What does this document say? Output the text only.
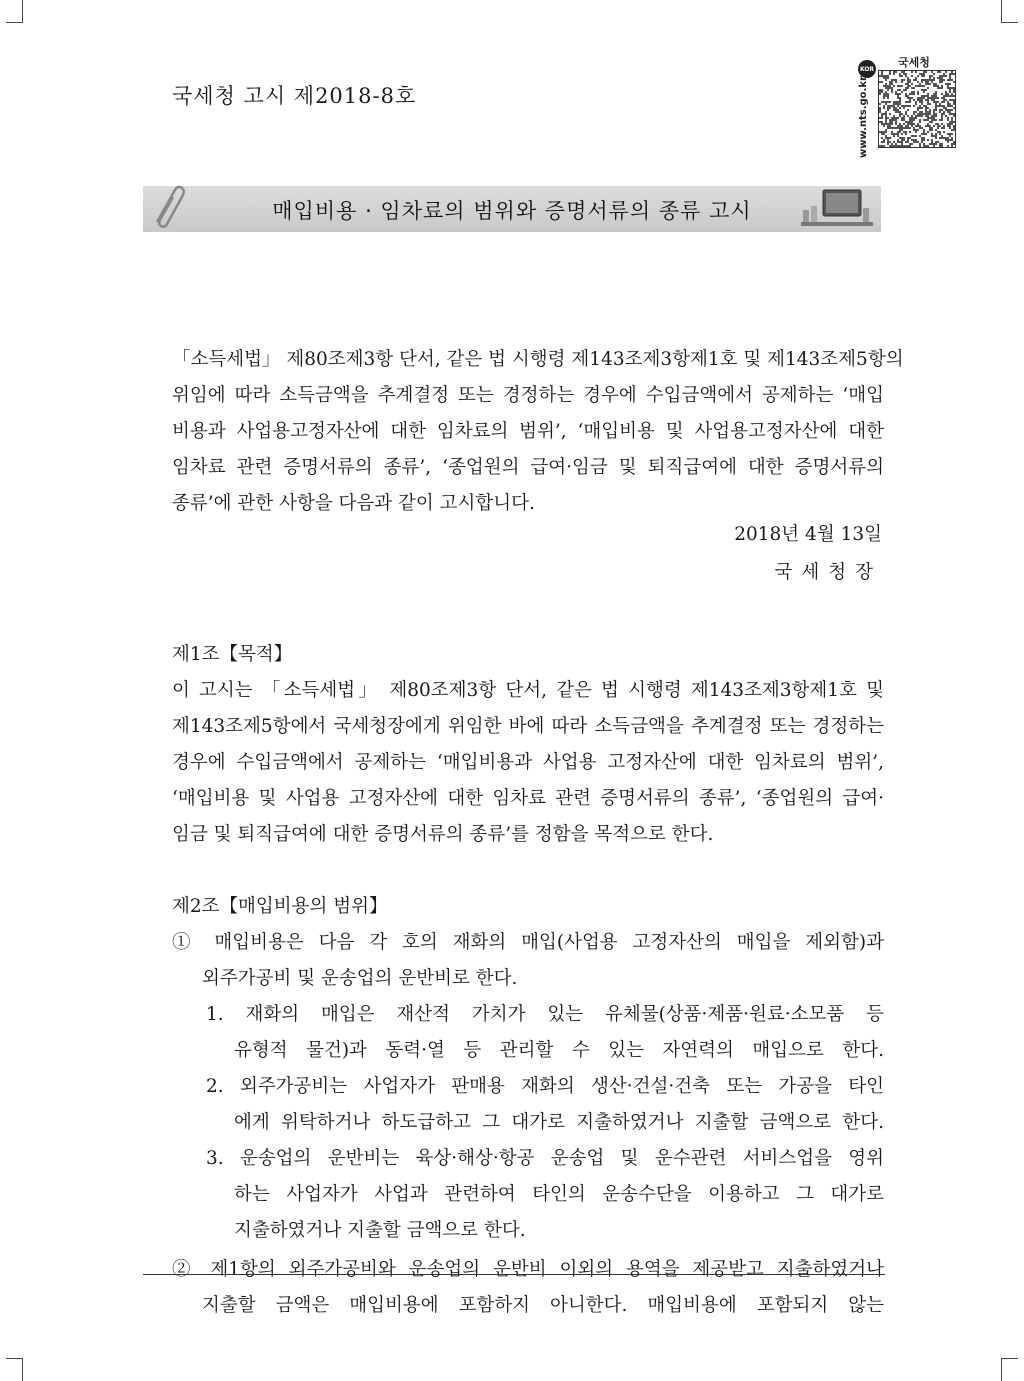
국세청 고시 제2018-8호
국세청
KOR
www.nts.go.kr
매입비용 · 임차료의 범위와 증명서류의 종류 고시
「소득세법」 제80조제3항 단서, 같은 법 시행령 제143조제3항제1호 및 제143조제5항의
위임에 따라 소득금액을 추계결정 또는 경정하는 경우에 수입금액에서 공제하는 ‘매입
비용과 사업용고정자산에 대한 임차료의 범위’, ‘매입비용 및 사업용고정자산에 대한
임차료 관련 증명서류의 종류’, ‘종업원의 급여·임금 및 퇴직급여에 대한 증명서류의
종류’에 관한 사항을 다음과 같이 고시합니다.
2018년 4월 13일
국세청장
제1조【목적】
이 고시는 「소득세법」 제80조제3항 단서, 같은 법 시행령 제143조제3항제1호 및
제143조제5항에서 국세청장에게 위임한 바에 따라 소득금액을 추계결정 또는 경정하는
경우에 수입금액에서 공제하는 ‘매입비용과 사업용 고정자산에 대한 임차료의 범위’,
‘매입비용 및 사업용 고정자산에 대한 임차료 관련 증명서류의 종류’, ‘종업원의 급여·
임금 및 퇴직급여에 대한 증명서류의 종류’를 정함을 목적으로 한다.
제2조【매입비용의 범위】
① 매입비용은 다음 각 호의 재화의 매입(사업용 고정자산의 매입을 제외함)과
외주가공비 및 운송업의 운반비로 한다.
1. 재화의 매입은 재산적 가치가 있는 유체물(상품·제품·원료·소모품 등
유형적 물건)과 동력·열 등 관리할 수 있는 자연력의 매입으로 한다.
2. 외주가공비는 사업자가 판매용 재화의 생산·건설·건축 또는 가공을 타인
에게 위탁하거나 하도급하고 그 대가로 지출하였거나 지출할 금액으로 한다.
3. 운송업의 운반비는 육상·해상·항공 운송업 및 운수관련 서비스업을 영위
하는 사업자가 사업과 관련하여 타인의 운송수단을 이용하고 그 대가로
지출하였거나 지출할 금액으로 한다.
② 제1항의 외주가공비와 운송업의 운반비 이외의 용역을 제공받고 지출하였거나
지출할 금액은 매입비용에 포함하지 아니한다. 매입비용에 포함되지 않는
